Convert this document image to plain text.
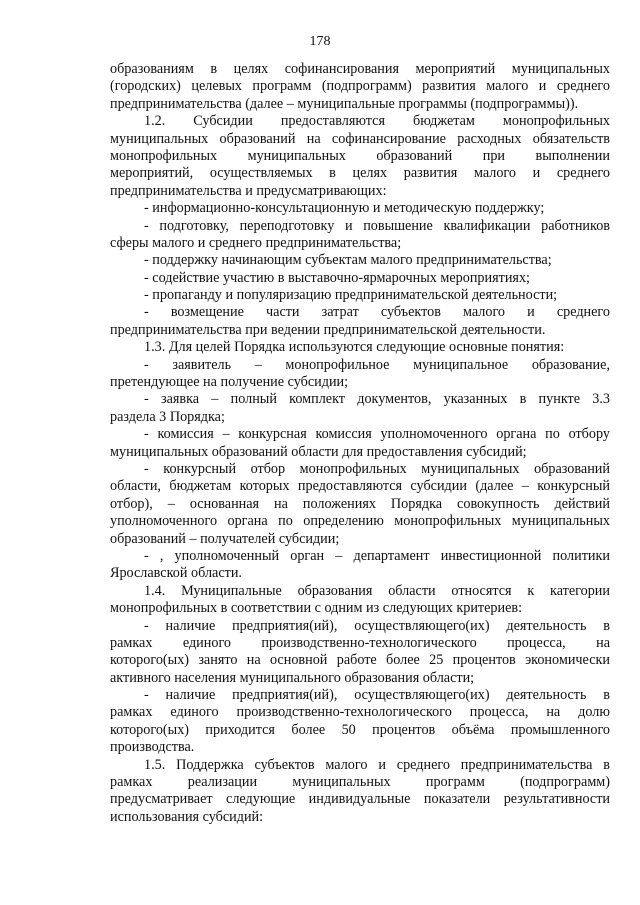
178
образованиям в целях софинансирования мероприятий муниципальных
(городских) целевых программ (подпрограмм) развития малого и среднего
предпринимательства (далее – муниципальные программы (подпрограммы)).
1.2. Субсидии предоставляются бюджетам монопрофильных
муниципальных образований на софинансирование расходных обязательств
монопрофильных муниципальных образований при выполнении
мероприятий, осуществляемых в целях развития малого и среднего
предпринимательства и предусматривающих:
- информационно-консультационную и методическую поддержку;
- подготовку, переподготовку и повышение квалификации работников
сферы малого и среднего предпринимательства;
- поддержку начинающим субъектам малого предпринимательства;
- содействие участию в выставочно-ярмарочных мероприятиях;
- пропаганду и популяризацию предпринимательской деятельности;
- возмещение части затрат субъектов малого и среднего
предпринимательства при ведении предпринимательской деятельности.
1.3. Для целей Порядка используются следующие основные понятия:
- заявитель – монопрофильное муниципальное образование,
претендующее на получение субсидии;
- заявка – полный комплект документов, указанных в пункте 3.3
раздела 3 Порядка;
- комиссия – конкурсная комиссия уполномоченного органа по отбору
муниципальных образований области для предоставления субсидий;
- конкурсный отбор монопрофильных муниципальных образований
области, бюджетам которых предоставляются субсидии (далее – конкурсный
отбор), – основанная на положениях Порядка совокупность действий
уполномоченного органа по определению монопрофильных муниципальных
образований – получателей субсидии;
- , уполномоченный орган – департамент инвестиционной политики
Ярославской области.
1.4. Муниципальные образования области относятся к категории
монопрофильных в соответствии с одним из следующих критериев:
- наличие предприятия(ий), осуществляющего(их) деятельность в
рамках единого производственно-технологического процесса, на
которого(ых) занято на основной работе более 25 процентов экономически
активного населения муниципального образования области;
- наличие предприятия(ий), осуществляющего(их) деятельность в
рамках единого производственно-технологического процесса, на долю
которого(ых) приходится более 50 процентов объёма промышленного
производства.
1.5. Поддержка субъектов малого и среднего предпринимательства в
рамках реализации муниципальных программ (подпрограмм)
предусматривает следующие индивидуальные показатели результативности
использования субсидий:
